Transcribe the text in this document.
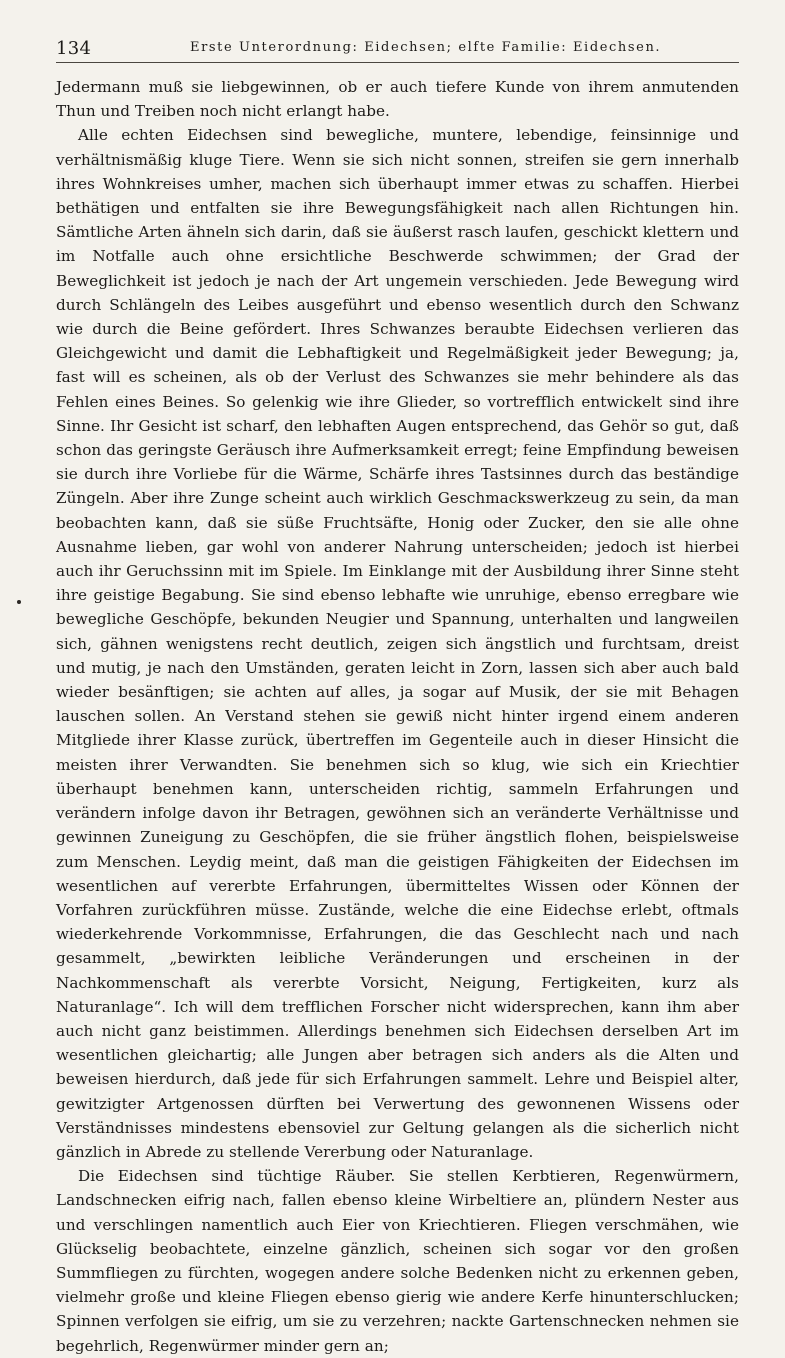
134	Erste Unterordnung: Eidechsen; elfte Familie: Eidechsen.

Jedermann muß sie liebgewinnen, ob er auch tiefere Kunde von ihrem anmutenden Thun und Treiben noch nicht erlangt habe.

Alle echten Eidechsen sind bewegliche, muntere, lebendige, feinsinnige und verhältnismäßig kluge Tiere. Wenn sie sich nicht sonnen, streifen sie gern innerhalb ihres Wohnkreises umher, machen sich überhaupt immer etwas zu schaffen. Hierbei bethätigen und entfalten sie ihre Bewegungsfähigkeit nach allen Richtungen hin. Sämtliche Arten ähneln sich darin, daß sie äußerst rasch laufen, geschickt klettern und im Notfalle auch ohne ersichtliche Beschwerde schwimmen; der Grad der Beweglichkeit ist jedoch je nach der Art ungemein verschieden. Jede Bewegung wird durch Schlängeln des Leibes ausgeführt und ebenso wesentlich durch den Schwanz wie durch die Beine gefördert. Ihres Schwanzes beraubte Eidechsen verlieren das Gleichgewicht und damit die Lebhaftigkeit und Regelmäßigkeit jeder Bewegung; ja, fast will es scheinen, als ob der Verlust des Schwanzes sie mehr behindere als das Fehlen eines Beines. So gelenkig wie ihre Glieder, so vortrefflich entwickelt sind ihre Sinne. Ihr Gesicht ist scharf, den lebhaften Augen entsprechend, das Gehör so gut, daß schon das geringste Geräusch ihre Aufmerksamkeit erregt; feine Empfindung beweisen sie durch ihre Vorliebe für die Wärme, Schärfe ihres Tastsinnes durch das beständige Züngeln. Aber ihre Zunge scheint auch wirklich Geschmackswerkzeug zu sein, da man beobachten kann, daß sie süße Fruchtsäfte, Honig oder Zucker, den sie alle ohne Ausnahme lieben, gar wohl von anderer Nahrung unterscheiden; jedoch ist hierbei auch ihr Geruchssinn mit im Spiele. Im Einklange mit der Ausbildung ihrer Sinne steht ihre geistige Begabung. Sie sind ebenso lebhafte wie unruhige, ebenso erregbare wie bewegliche Geschöpfe, bekunden Neugier und Spannung, unterhalten und langweilen sich, gähnen wenigstens recht deutlich, zeigen sich ängstlich und furchtsam, dreist und mutig, je nach den Umständen, geraten leicht in Zorn, lassen sich aber auch bald wieder besänftigen; sie achten auf alles, ja sogar auf Musik, der sie mit Behagen lauschen sollen. An Verstand stehen sie gewiß nicht hinter irgend einem anderen Mitgliede ihrer Klasse zurück, übertreffen im Gegenteile auch in dieser Hinsicht die meisten ihrer Verwandten. Sie benehmen sich so klug, wie sich ein Kriechtier überhaupt benehmen kann, unterscheiden richtig, sammeln Erfahrungen und verändern infolge davon ihr Betragen, gewöhnen sich an veränderte Verhältnisse und gewinnen Zuneigung zu Geschöpfen, die sie früher ängstlich flohen, beispielsweise zum Menschen. Leydig meint, daß man die geistigen Fähigkeiten der Eidechsen im wesentlichen auf vererbte Erfahrungen, übermitteltes Wissen oder Können der Vorfahren zurückführen müsse. Zustände, welche die eine Eidechse erlebt, oftmals wiederkehrende Vorkommnisse, Erfahrungen, die das Geschlecht nach und nach gesammelt, „bewirkten leibliche Veränderungen und erscheinen in der Nachkommenschaft als vererbte Vorsicht, Neigung, Fertigkeiten, kurz als Naturanlage“. Ich will dem trefflichen Forscher nicht widersprechen, kann ihm aber auch nicht ganz beistimmen. Allerdings benehmen sich Eidechsen derselben Art im wesentlichen gleichartig; alle Jungen aber betragen sich anders als die Alten und beweisen hierdurch, daß jede für sich Erfahrungen sammelt. Lehre und Beispiel alter, gewitzigter Artgenossen dürften bei Verwertung des gewonnenen Wissens oder Verständnisses mindestens ebensoviel zur Geltung gelangen als die sicherlich nicht gänzlich in Abrede zu stellende Vererbung oder Naturanlage.

Die Eidechsen sind tüchtige Räuber. Sie stellen Kerbtieren, Regenwürmern, Landschnecken eifrig nach, fallen ebenso kleine Wirbeltiere an, plündern Nester aus und verschlingen namentlich auch Eier von Kriechtieren. Fliegen verschmähen, wie Glückselig beobachtete, einzelne gänzlich, scheinen sich sogar vor den großen Summfliegen zu fürchten, wogegen andere solche Bedenken nicht zu erkennen geben, vielmehr große und kleine Fliegen ebenso gierig wie andere Kerfe hinunterschlucken; Spinnen verfolgen sie eifrig, um sie zu verzehren; nackte Gartenschnecken nehmen sie begehrlich, Regenwürmer minder gern an;
